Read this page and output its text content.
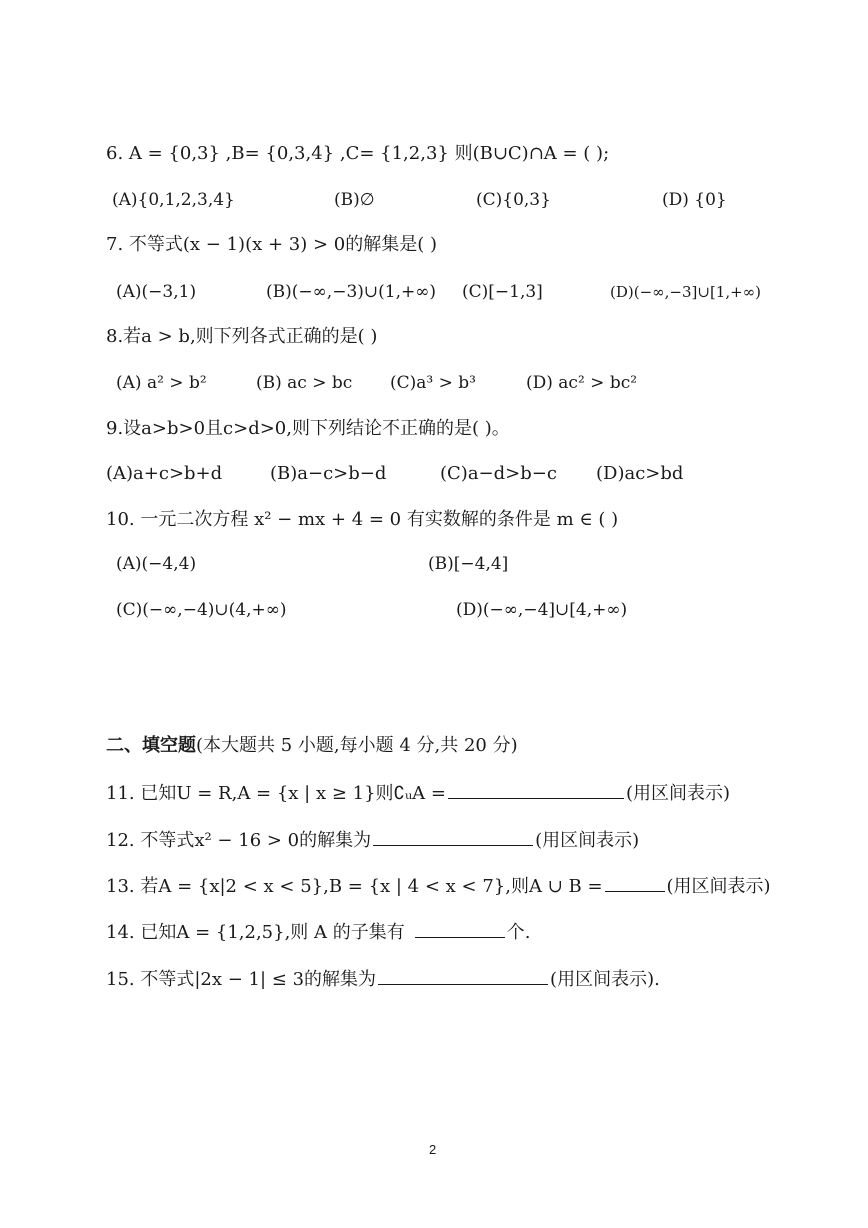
6. A = {0,3} ,B= {0,3,4} ,C= {1,2,3} 则(B∪C)∩A = ( );
(A){0,1,2,3,4}	(B)∅	(C){0,3}	(D) {0}
7. 不等式(x − 1)(x + 3) > 0的解集是( )
(A)(−3,1)	(B)(−∞,−3)∪(1,+∞) (C)[−1,3]	(D)(−∞,−3]∪[1,+∞)
8.若a > b,则下列各式正确的是( )
(A) a² > b²	(B) ac > bc (C)a³ > b³	(D) ac² > bc²
9.设a>b>0且c>d>0,则下列结论不正确的是( )。
(A)a+c>b+d	(B)a−c>b−d	(C)a−d>b−c (D)ac>bd
10. 一元二次方程 x² − mx + 4 = 0 有实数解的条件是 m ∈ ( )
(A)(−4,4)	(B)[−4,4]
(C)(−∞,−4)∪(4,+∞)	(D)(−∞,−4]∪[4,+∞)
二、填空题(本大题共 5 小题,每小题 4 分,共 20 分)
11. 已知U = R,A = {x | x ≥ 1}则∁ᵤA =	(用区间表示)
12. 不等式x² − 16 > 0的解集为	(用区间表示)
13. 若A = {x|2 < x < 5},B = {x | 4 < x < 7},则A ∪ B =	(用区间表示)
14. 已知A = {1,2,5},则 A 的子集有	个.
15. 不等式|2x − 1| ≤ 3的解集为	(用区间表示).
2
